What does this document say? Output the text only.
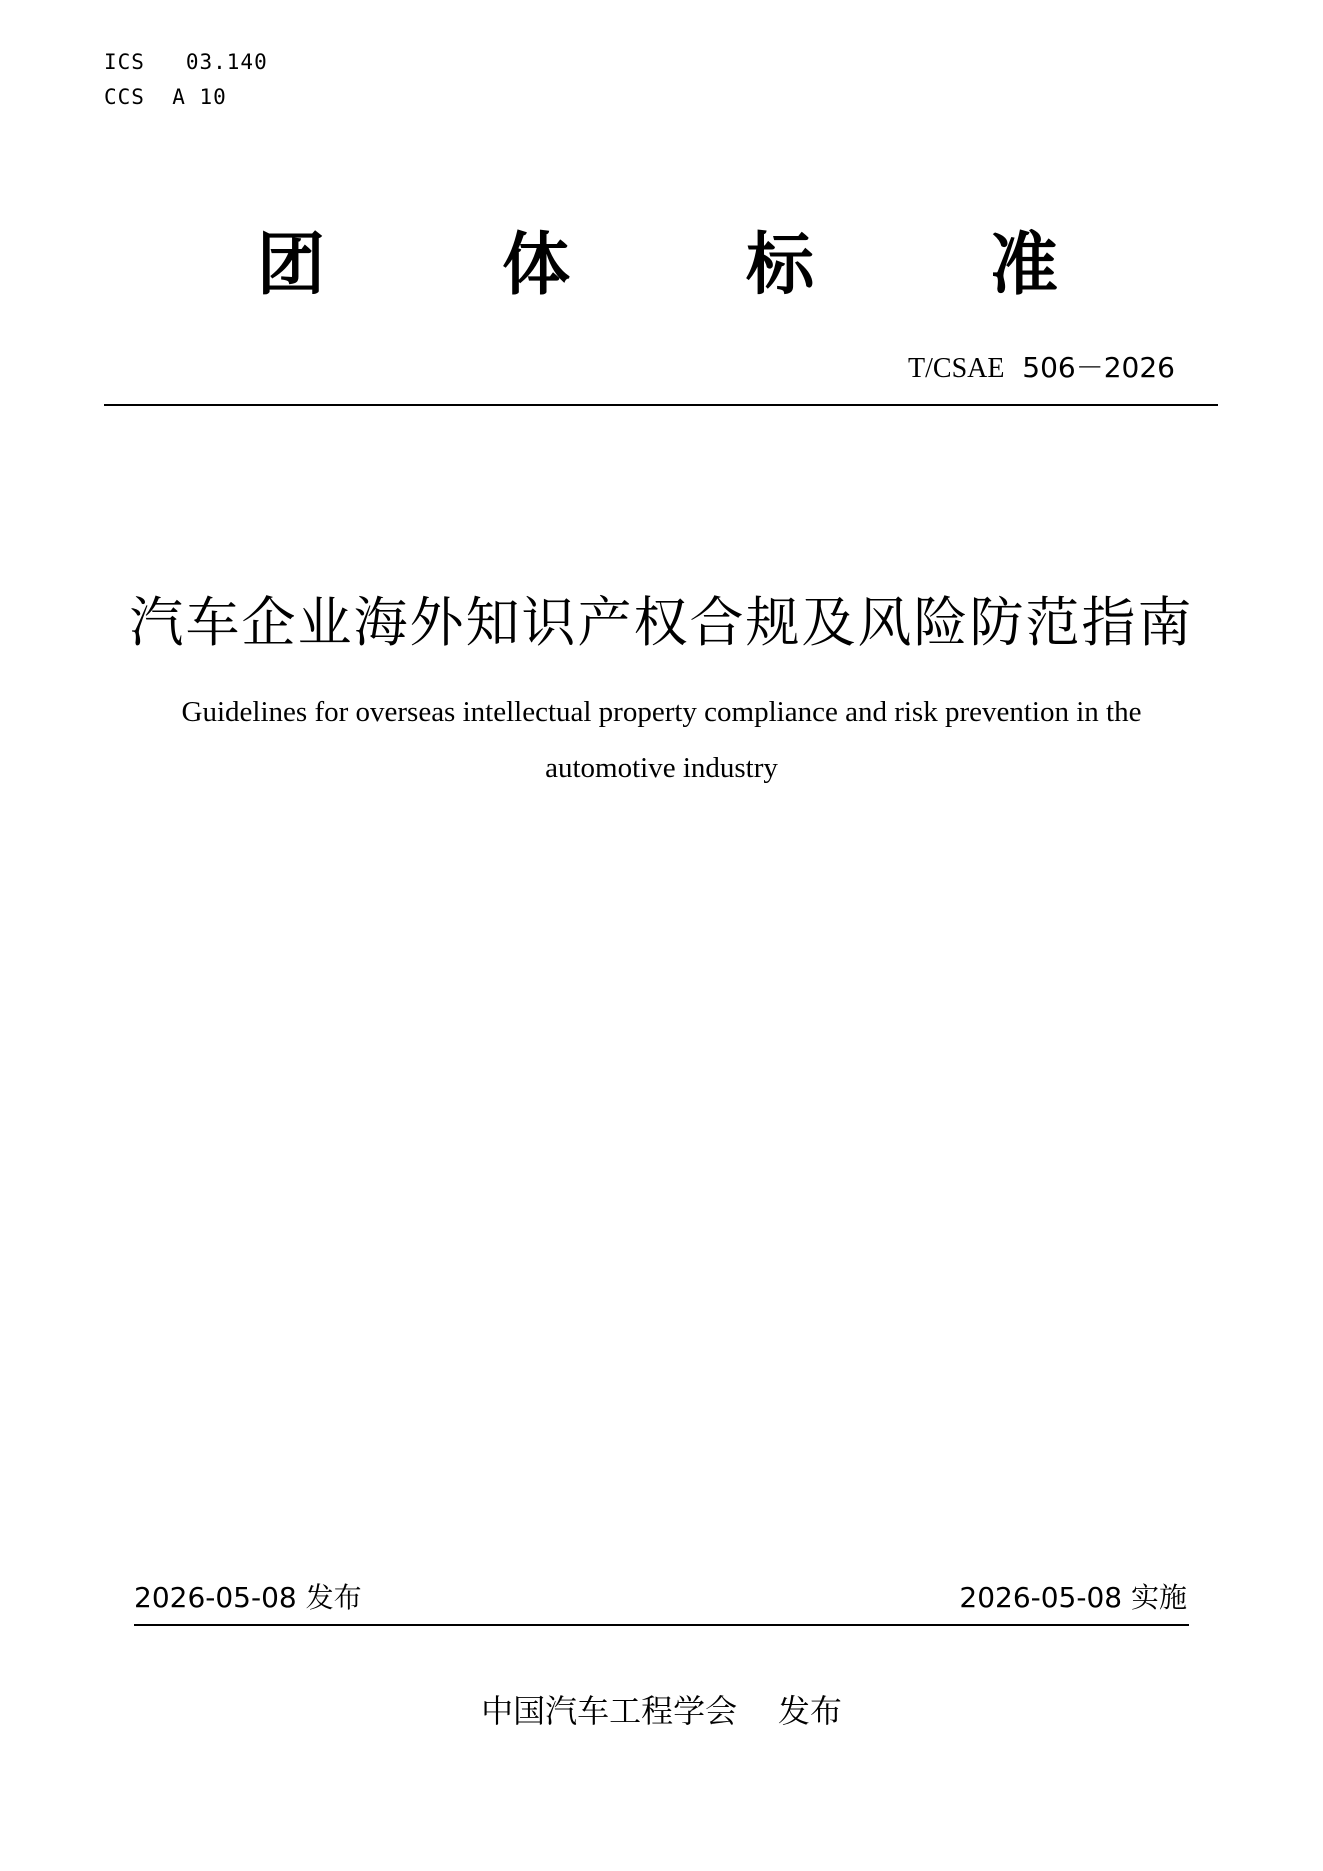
ICS   03.140
CCS  A 10
团	体	标	准
T/CSAE 506－2026
汽车企业海外知识产权合规及风险防范指南
Guidelines for overseas intellectual property compliance and risk prevention in the automotive industry
2026-05-08 发布	2026-05-08 实施
中国汽车工程学会    发布
